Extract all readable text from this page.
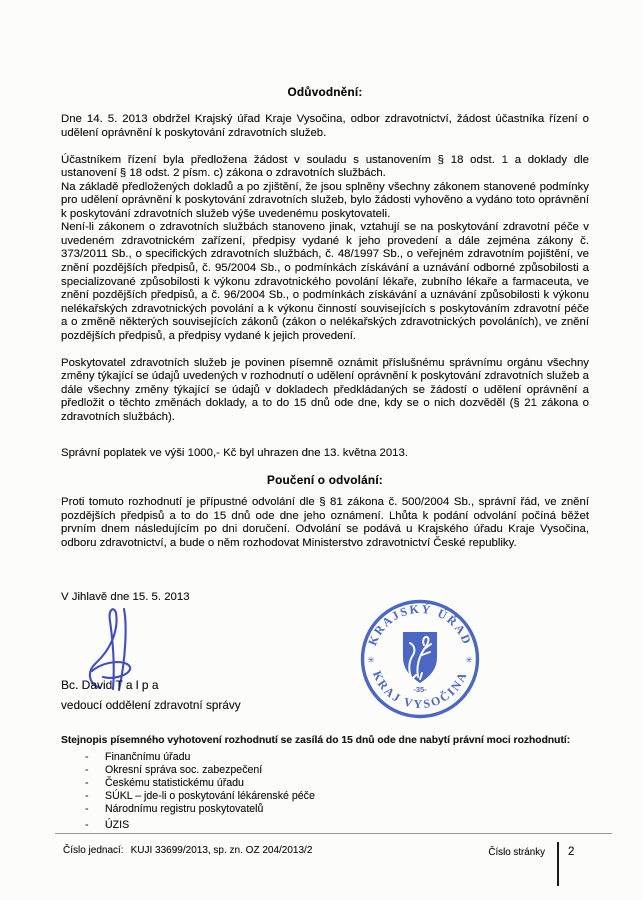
Odůvodnění:

Dne 14. 5. 2013 obdržel Krajský úřad Kraje Vysočina, odbor zdravotnictví, žádost účastníka řízení o udělení oprávnění k poskytování zdravotních služeb.

Účastníkem řízení byla předložena žádost v souladu s ustanovením § 18 odst. 1 a doklady dle ustanovení § 18 odst. 2 písm. c) zákona o zdravotních službách.

Na základě předložených dokladů a po zjištění, že jsou splněny všechny zákonem stanovené podmínky pro udělení oprávnění k poskytování zdravotních služeb, bylo žádosti vyhověno a vydáno toto oprávnění k poskytování zdravotních služeb výše uvedenému poskytovateli.

Není-li zákonem o zdravotních službách stanoveno jinak, vztahují se na poskytování zdravotní péče v uvedeném zdravotnickém zařízení, předpisy vydané k jeho provedení a dále zejména zákony č. 373/2011 Sb., o specifických zdravotních službách, č. 48/1997 Sb., o veřejném zdravotním pojištění, ve znění pozdějších předpisů, č. 95/2004 Sb., o podmínkách získávání a uznávání odborné způsobilosti a specializované způsobilosti k výkonu zdravotnického povolání lékaře, zubního lékaře a farmaceuta, ve znění pozdějších předpisů, a č. 96/2004 Sb., o podmínkách získávání a uznávání způsobilosti k výkonu nelékařských zdravotnických povolání a k výkonu činností souvisejících s poskytováním zdravotní péče a o změně některých souvisejících zákonů (zákon o nelékařských zdravotnických povoláních), ve znění pozdějších předpisů, a předpisy vydané k jejich provedení.

Poskytovatel zdravotních služeb je povinen písemně oznámit příslušnému správnímu orgánu všechny změny týkající se údajů uvedených v rozhodnutí o udělení oprávnění k poskytování zdravotních služeb a dále všechny změny týkající se údajů v dokladech předkládaných se žádostí o udělení oprávnění a předložit o těchto změnách doklady, a to do 15 dnů ode dne, kdy se o nich dozvěděl (§ 21 zákona o zdravotních službách).

Správní poplatek ve výši 1000,- Kč byl uhrazen dne 13. května 2013.

Poučení o odvolání:

Proti tomuto rozhodnutí je přípustné odvolání dle § 81 zákona č. 500/2004 Sb., správní řád, ve znění pozdějších předpisů a to do 15 dnů ode dne jeho oznámení. Lhůta k podání odvolání počíná běžet prvním dnem následujícím po dni doručení. Odvolání se podává u Krajského úřadu Kraje Vysočina, odboru zdravotnictví, a bude o něm rozhodovat Ministerstvo zdravotnictví České republiky.

V Jihlavě dne 15. 5. 2013
KRAJSKÝ ÚŘAD
KRAJ VYSOČINA
✳	✳
-35-
Bc. David T a l p a
vedoucí oddělení zdravotní správy

Stejnopis písemného vyhotovení rozhodnutí se zasílá do 15 dnů ode dne nabytí právní moci rozhodnutí:

-	Finančnímu úřadu
-	Okresní správa soc. zabezpečení
-	Českému statistickému úřadu
-	SÚKL – jde-li o poskytování lékárenské péče
-	Národnímu registru poskytovatelů
-	ÚZIS
Číslo jednací: KUJI 33699/2013, sp. zn. OZ 204/2013/2	Číslo stránky 2
